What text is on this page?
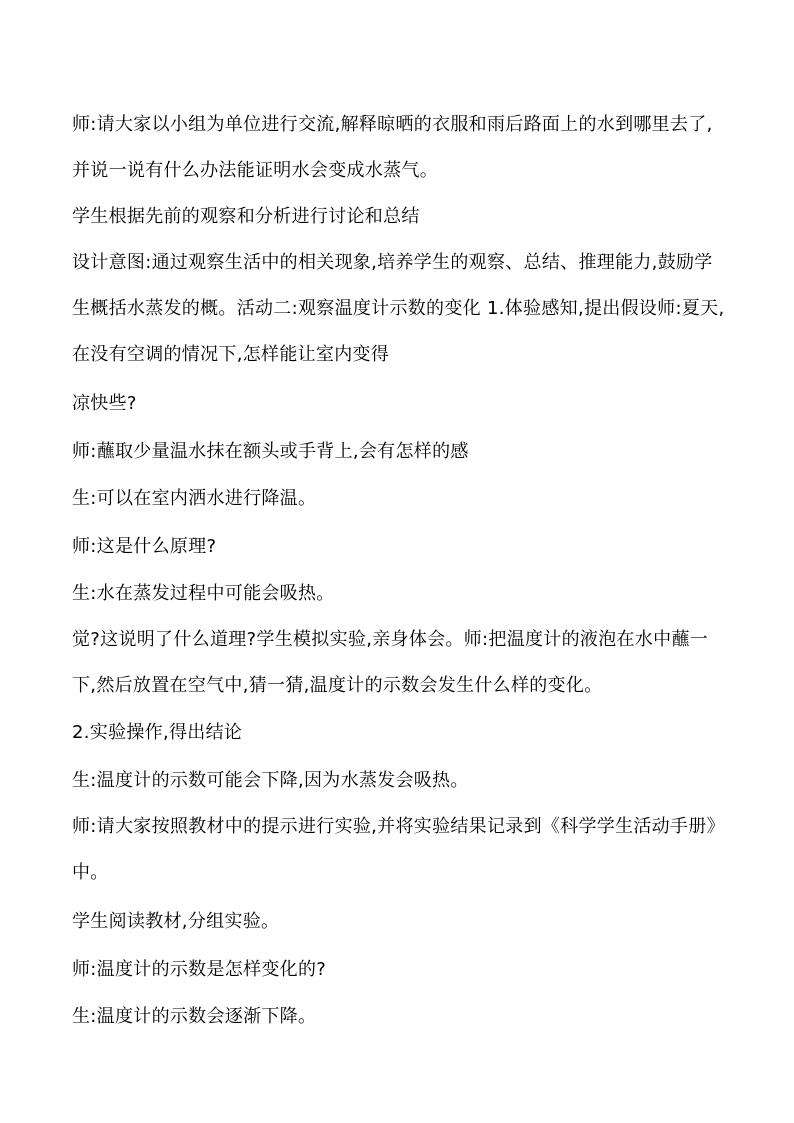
师:请大家以小组为单位进行交流,解释晾晒的衣服和雨后路面上的水到哪里去了,

并说一说有什么办法能证明水会变成水蒸气。

学生根据先前的观察和分析进行讨论和总结

设计意图:通过观察生活中的相关现象,培养学生的观察、总结、推理能力,鼓励学

生概括水蒸发的概。活动二:观察温度计示数的变化 1.体验感知,提出假设师:夏天,

在没有空调的情况下,怎样能让室内变得

凉快些?

师:蘸取少量温水抹在额头或手背上,会有怎样的感

生:可以在室内洒水进行降温。

师:这是什么原理?

生:水在蒸发过程中可能会吸热。

觉?这说明了什么道理?学生模拟实验,亲身体会。师:把温度计的液泡在水中蘸一

下,然后放置在空气中,猜一猜,温度计的示数会发生什么样的变化。

2.实验操作,得出结论

生:温度计的示数可能会下降,因为水蒸发会吸热。

师:请大家按照教材中的提示进行实验,并将实验结果记录到《科学学生活动手册》

中。

学生阅读教材,分组实验。

师:温度计的示数是怎样变化的?

生:温度计的示数会逐渐下降。
